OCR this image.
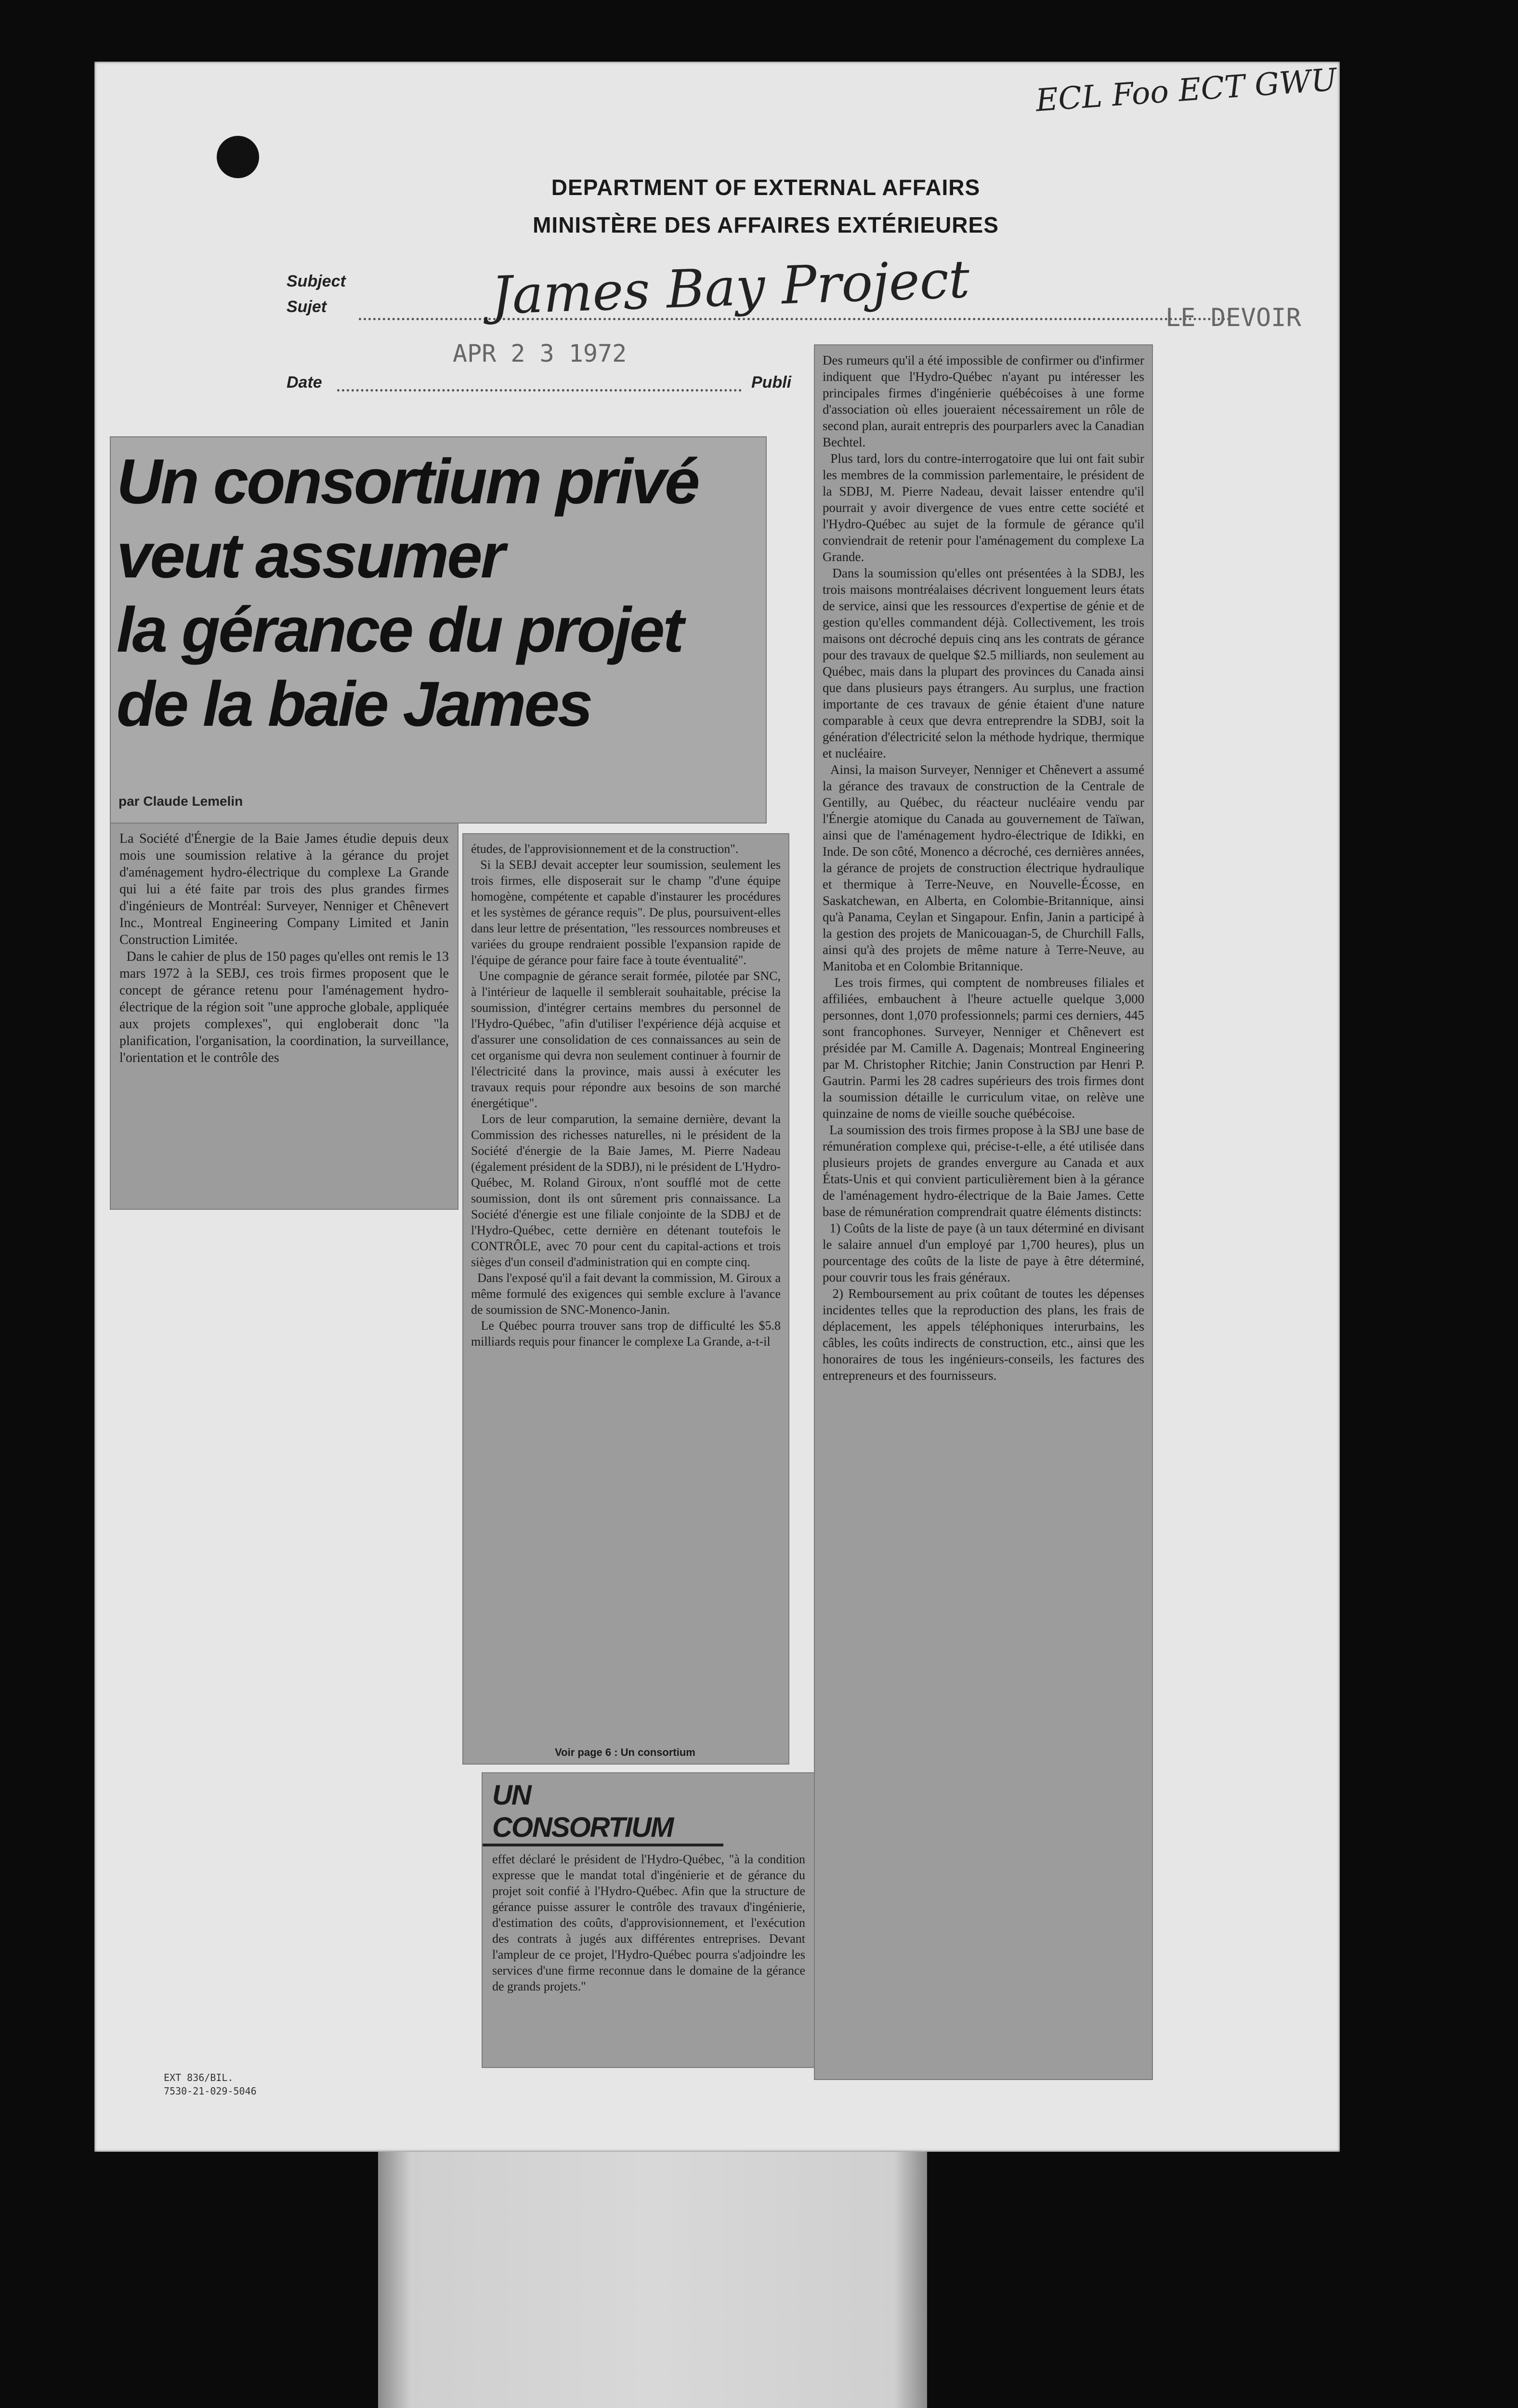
DEPARTMENT OF EXTERNAL AFFAIRS
MINISTÈRE DES AFFAIRES EXTÉRIEURES
ECL Foo ECT GWU
Subject
Sujet	James Bay Project	LE DEVOIR
Date
APR 2 3 1972
Publi
Un consortium privé
veut assumer
la gérance du projet
de la baie James
par Claude Lemelin

La Société d'Énergie de la Baie James étudie depuis deux mois une soumission relative à la gérance du projet d'aménagement hydro-électrique du complexe La Grande qui lui a été faite par trois des plus grandes firmes d'ingénieurs de Montréal: Surveyer, Nenniger et Chênevert Inc., Montreal Engineering Company Limited et Janin Construction Limitée.
Dans le cahier de plus de 150 pages qu'elles ont remis le 13 mars 1972 à la SEBJ, ces trois firmes proposent que le concept de gérance retenu pour l'aménagement hydro-électrique de la région soit "une approche globale, appliquée aux projets complexes", qui engloberait donc "la planification, l'organisation, la coordination, la surveillance, l'orientation et le contrôle des

études, de l'approvisionnement et de la construction".
Si la SEBJ devait accepter leur soumission, seulement les trois firmes, elle disposerait sur le champ "d'une équipe homogène, compétente et capable d'instaurer les procédures et les systèmes de gérance requis". De plus, poursuivent-elles dans leur lettre de présentation, "les ressources nombreuses et variées du groupe rendraient possible l'expansion rapide de l'équipe de gérance pour faire face à toute éventualité".
Une compagnie de gérance serait formée, pilotée par SNC, à l'intérieur de laquelle il semblerait souhaitable, précise la soumission, d'intégrer certains membres du personnel de l'Hydro-Québec, "afin d'utiliser l'expérience déjà acquise et d'assurer une consolidation de ces connaissances au sein de cet organisme qui devra non seulement continuer à fournir de l'électricité dans la province, mais aussi à exécuter les travaux requis pour répondre aux besoins de son marché énergétique".
Lors de leur comparution, la semaine dernière, devant la Commission des richesses naturelles, ni le président de la Société d'énergie de la Baie James, M. Pierre Nadeau (également président de la SDBJ), ni le président de L'Hydro-Québec, M. Roland Giroux, n'ont soufflé mot de cette soumission, dont ils ont sûrement pris connaissance. La Société d'énergie est une filiale conjointe de la SDBJ et de l'Hydro-Québec, cette dernière en détenant toutefois le CONTRÔLE, avec 70 pour cent du capital-actions et trois sièges d'un conseil d'administration qui en compte cinq.
Dans l'exposé qu'il a fait devant la commission, M. Giroux a même formulé des exigences qui semble exclure à l'avance de soumission de SNC-Monenco-Janin.
Le Québec pourra trouver sans trop de difficulté les $5.8 milliards requis pour financer le complexe La Grande, a-t-il

Voir page 6 : Un consortium
UN CONSORTIUM

effet déclaré le président de l'Hydro-Québec, "à la condition expresse que le mandat total d'ingénierie et de gérance du projet soit confié à l'Hydro-Québec. Afin que la structure de gérance puisse assurer le contrôle des travaux d'ingénierie, d'estimation des coûts, d'approvisionnement, et l'exécution des contrats à jugés aux différentes entreprises. Devant l'ampleur de ce projet, l'Hydro-Québec pourra s'adjoindre les services d'une firme reconnue dans le domaine de la gérance de grands projets."

Des rumeurs qu'il a été impossible de confirmer ou d'infirmer indiquent que l'Hydro-Québec n'ayant pu intéresser les principales firmes d'ingénierie québécoises à une forme d'association où elles joueraient nécessairement un rôle de second plan, aurait entrepris des pourparlers avec la Canadian Bechtel.
Plus tard, lors du contre-interrogatoire que lui ont fait subir les membres de la commission parlementaire, le président de la SDBJ, M. Pierre Nadeau, devait laisser entendre qu'il pourrait y avoir divergence de vues entre cette société et l'Hydro-Québec au sujet de la formule de gérance qu'il conviendrait de retenir pour l'aménagement du complexe La Grande.
Dans la soumission qu'elles ont présentées à la SDBJ, les trois maisons montréalaises décrivent longuement leurs états de service, ainsi que les ressources d'expertise de génie et de gestion qu'elles commandent déjà. Collectivement, les trois maisons ont décroché depuis cinq ans les contrats de gérance pour des travaux de quelque $2.5 milliards, non seulement au Québec, mais dans la plupart des provinces du Canada ainsi que dans plusieurs pays étrangers. Au surplus, une fraction importante de ces travaux de génie étaient d'une nature comparable à ceux que devra entreprendre la SDBJ, soit la génération d'électricité selon la méthode hydrique, thermique et nucléaire.
Ainsi, la maison Surveyer, Nenniger et Chênevert a assumé la gérance des travaux de construction de la Centrale de Gentilly, au Québec, du réacteur nucléaire vendu par l'Énergie atomique du Canada au gouvernement de Taïwan, ainsi que de l'aménagement hydro-électrique de Idikki, en Inde. De son côté, Monenco a décroché, ces dernières années, la gérance de projets de construction électrique hydraulique et thermique à Terre-Neuve, en Nouvelle-Écosse, en Saskatchewan, en Alberta, en Colombie-Britannique, ainsi qu'à Panama, Ceylan et Singapour. Enfin, Janin a participé à la gestion des projets de Manicouagan-5, de Churchill Falls, ainsi qu'à des projets de même nature à Terre-Neuve, au Manitoba et en Colombie Britannique.
Les trois firmes, qui comptent de nombreuses filiales et affiliées, embauchent à l'heure actuelle quelque 3,000 personnes, dont 1,070 professionnels; parmi ces derniers, 445 sont francophones. Surveyer, Nenniger et Chênevert est présidée par M. Camille A. Dagenais; Montreal Engineering par M. Christopher Ritchie; Janin Construction par Henri P. Gautrin. Parmi les 28 cadres supérieurs des trois firmes dont la soumission détaille le curriculum vitae, on relève une quinzaine de noms de vieille souche québécoise.
La soumission des trois firmes propose à la SBJ une base de rémunération complexe qui, précise-t-elle, a été utilisée dans plusieurs projets de grandes envergure au Canada et aux États-Unis et qui convient particulièrement bien à la gérance de l'aménagement hydro-électrique de la Baie James. Cette base de rémunération comprendrait quatre éléments distincts:
1) Coûts de la liste de paye (à un taux déterminé en divisant le salaire annuel d'un employé par 1,700 heures), plus un pourcentage des coûts de la liste de paye à être déterminé, pour couvrir tous les frais généraux.
2) Remboursement au prix coûtant de toutes les dépenses incidentes telles que la reproduction des plans, les frais de déplacement, les appels téléphoniques interurbains, les câbles, les coûts indirects de construction, etc., ainsi que les honoraires de tous les ingénieurs-conseils, les factures des entrepreneurs et des fournisseurs.

EXT 836/BIL.
7530-21-029-5046
